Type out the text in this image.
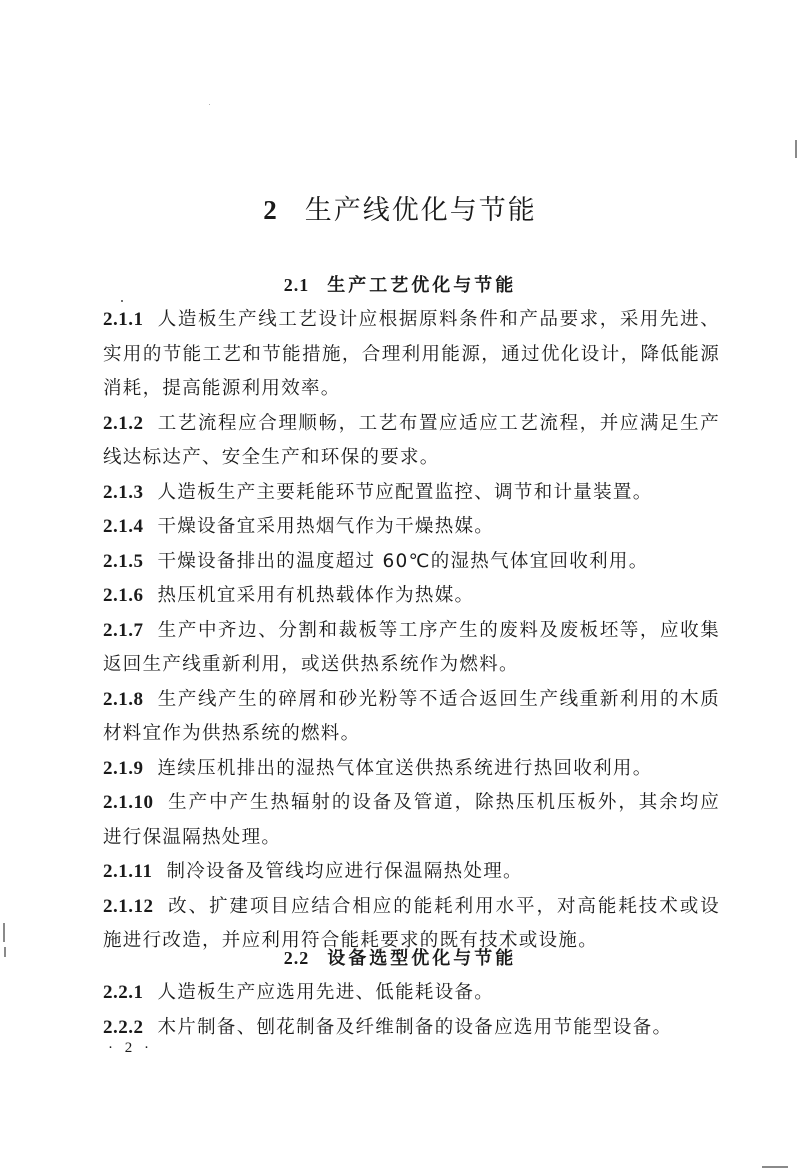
2 生产线优化与节能
2.1 生产工艺优化与节能

2.1.1 人造板生产线工艺设计应根据原料条件和产品要求，采用先进、实用的节能工艺和节能措施，合理利用能源，通过优化设计，降低能源消耗，提高能源利用效率。

2.1.2 工艺流程应合理顺畅，工艺布置应适应工艺流程，并应满足生产线达标达产、安全生产和环保的要求。

2.1.3 人造板生产主要耗能环节应配置监控、调节和计量装置。

2.1.4 干燥设备宜采用热烟气作为干燥热媒。

2.1.5 干燥设备排出的温度超过 60℃的湿热气体宜回收利用。

2.1.6 热压机宜采用有机热载体作为热媒。

2.1.7 生产中齐边、分割和裁板等工序产生的废料及废板坯等，应收集返回生产线重新利用，或送供热系统作为燃料。

2.1.8 生产线产生的碎屑和砂光粉等不适合返回生产线重新利用的木质材料宜作为供热系统的燃料。

2.1.9 连续压机排出的湿热气体宜送供热系统进行热回收利用。

2.1.10 生产中产生热辐射的设备及管道，除热压机压板外，其余均应进行保温隔热处理。

2.1.11 制冷设备及管线均应进行保温隔热处理。

2.1.12 改、扩建项目应结合相应的能耗利用水平，对高能耗技术或设施进行改造，并应利用符合能耗要求的既有技术或设施。

2.2 设备选型优化与节能

2.2.1 人造板生产应选用先进、低能耗设备。

2.2.2 木片制备、刨花制备及纤维制备的设备应选用节能型设备。

· 2 ·
